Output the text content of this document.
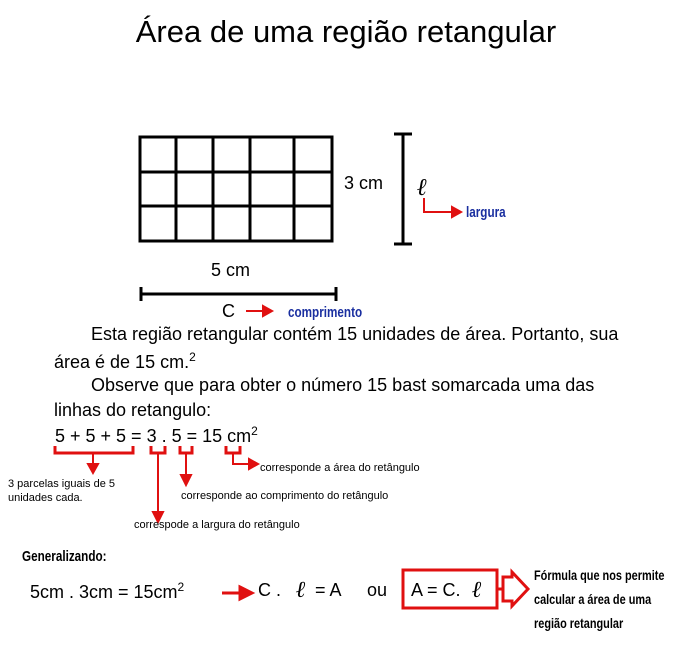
Área de uma região retangular
3 cm ℓ
largura
5 cm
C	comprimento
Esta região retangular contém 15 unidades de área. Portanto, sua
área é de 15 cm.$^2$
Observe que para obter o número 15 bast somarcada uma das
linhas do retangulo:
5 + 5 + 5 = 3 . 5 = 15 $cm^2$
3 parcelas iguais de 5
unidades cada.
corresponde a área do retângulo
corresponde ao comprimento do retângulo
correspode a largura do retângulo
Generalizando:
5cm . $3cm = 15cm^2$	C . ℓ = A ou A = C. ℓ
Fórmula que nos permite
calcular a área de uma
região retangular
